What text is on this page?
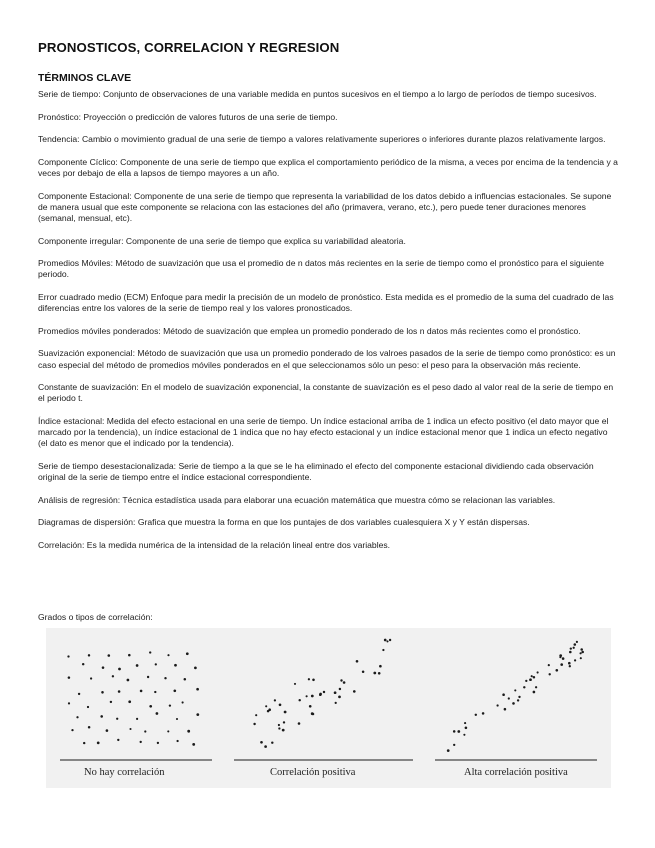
PRONOSTICOS, CORRELACION Y REGRESION
TÉRMINOS CLAVE

Serie de tiempo: Conjunto de observaciones de una variable medida en puntos sucesivos en el tiempo a lo largo de períodos de tiempo sucesivos.

Pronóstico: Proyección o predicción de valores futuros de una serie de tiempo.

Tendencia: Cambio o movimiento gradual de una serie de tiempo a valores relativamente superiores o inferiores durante plazos relativamente largos.

Componente Cíclico: Componente de una serie de tiempo que explica el comportamiento periódico de la misma, a veces por encima de la tendencia y a veces por debajo de ella a lapsos de tiempo mayores a un año.

Componente Estacional: Componente de una serie de tiempo que representa la variabilidad de los datos debido a influencias estacionales. Se supone de manera usual que este componente se relaciona con las estaciones del año (primavera, verano, etc.), pero puede tener duraciones menores (semanal, mensual, etc).

Componente irregular: Componente de una serie de tiempo que explica su variabilidad aleatoria.

Promedios Móviles: Método de suavización que usa el promedio de n datos más recientes en la serie de tiempo como el pronóstico para el siguiente periodo.

Error cuadrado medio (ECM) Enfoque para medir la precisión de un modelo de pronóstico. Esta medida es el promedio de la suma del cuadrado de las diferencias entre los valores de la serie de tiempo real y los valores pronosticados.

Promedios móviles ponderados: Método de suavización que emplea un promedio ponderado de los n datos más recientes como el pronóstico.

Suavización exponencial: Método de suavización que usa un promedio ponderado de los valroes pasados de la serie de tiempo como pronóstico: es un caso especial del método de promedios móviles ponderados en el que seleccionamos sólo un peso: el peso para la observación más reciente.

Constante de suavización: En el modelo de suavización exponencial, la constante de suavización es el peso dado al valor real de la serie de tiempo en el periodo t.

Índice estacional: Medida del efecto estacional en una serie de tiempo. Un índice estacional arriba de 1 indica un efecto positivo (el dato mayor que el marcado por la tendencia), un índice estacional de 1 indica que no hay efecto estacional y un índice estacional menor que 1 indica un efecto negativo (el dato es menor que el indicado por la tendencia).

Serie de tiempo desestacionalizada: Serie de tiempo a la que se le ha eliminado el efecto del componente estacional dividiendo cada observación original de la serie de tiempo entre el índice estacional correspondiente.

Análisis de regresión: Técnica estadística usada para elaborar una ecuación matemática que muestra cómo se relacionan las variables.

Diagramas de dispersión: Grafica que muestra la forma en que los puntajes de dos variables cualesquiera X y Y están dispersas.

Correlación: Es la medida numérica de la intensidad de la relación lineal entre dos variables.

Grados o tipos de correlación:
No hay correlación	Correlación positiva	Alta correlación positiva
